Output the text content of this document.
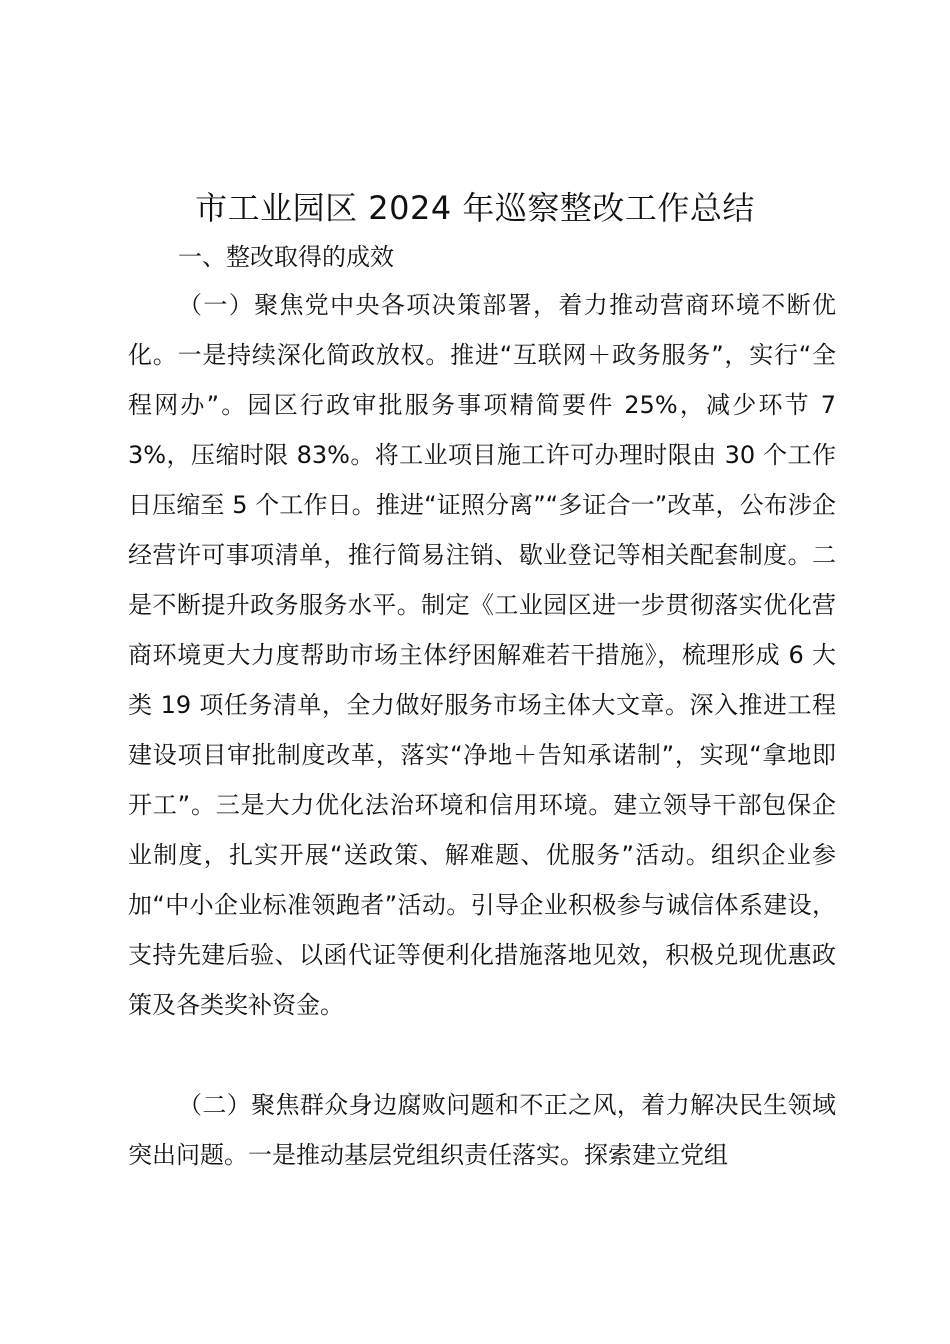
市工业园区 2024 年巡察整改工作总结
一、整改取得的成效

（一）聚焦党中央各项决策部署，着力推动营商环境不断优化。一是持续深化简政放权。推进“互联网＋政务服务”，实行“全程网办”。园区行政审批服务事项精简要件 25%，减少环节 73%，压缩时限 83%。将工业项目施工许可办理时限由 30 个工作日压缩至 5 个工作日。推进“证照分离”“多证合一”改革，公布涉企经营许可事项清单，推行简易注销、歇业登记等相关配套制度。二是不断提升政务服务水平。制定《工业园区进一步贯彻落实优化营商环境更大力度帮助市场主体纾困解难若干措施》，梳理形成 6 大类 19 项任务清单，全力做好服务市场主体大文章。深入推进工程建设项目审批制度改革，落实“净地＋告知承诺制”，实现“拿地即开工”。三是大力优化法治环境和信用环境。建立领导干部包保企业制度，扎实开展“送政策、解难题、优服务”活动。组织企业参加“中小企业标准领跑者”活动。引导企业积极参与诚信体系建设，支持先建后验、以函代证等便利化措施落地见效，积极兑现优惠政策及各类奖补资金。

（二）聚焦群众身边腐败问题和不正之风，着力解决民生领域突出问题。一是推动基层党组织责任落实。探索建立党组
